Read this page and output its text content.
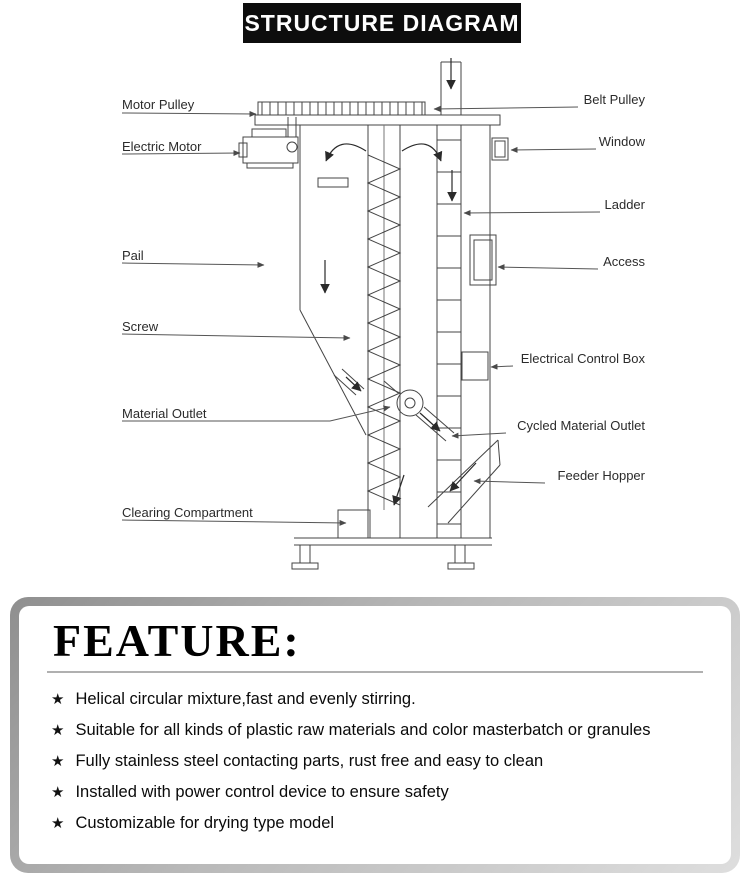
STRUCTURE DIAGRAM
Motor Pulley
Electric Motor
Pail
Screw
Material Outlet
Clearing Compartment
Belt Pulley
Window
Ladder
Access
Electrical Control Box
Cycled Material Outlet
Feeder Hopper
FEATURE:
★ Helical circular mixture,fast and evenly stirring.
★ Suitable for all kinds of plastic raw materials and color masterbatch or granules
★ Fully stainless steel contacting parts, rust free and easy to clean
★ Installed with power control device to ensure safety
★ Customizable for drying type model
